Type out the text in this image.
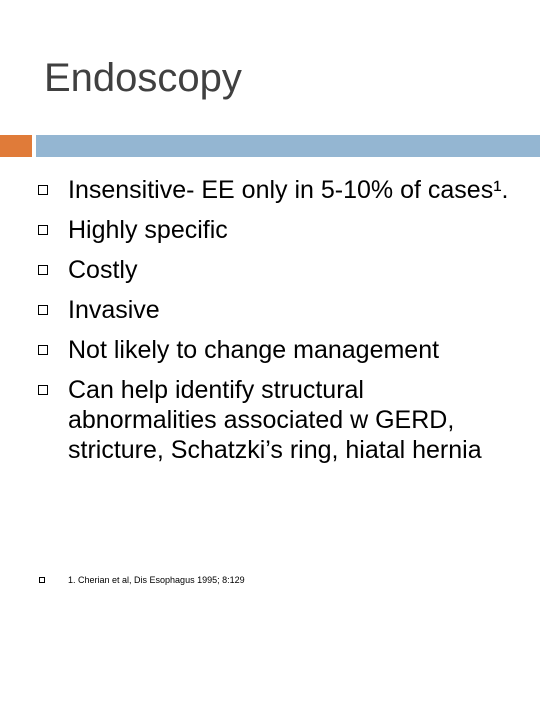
Endoscopy
Insensitive- EE only in 5-10% of cases¹.
Highly specific
Costly
Invasive
Not likely to change management
Can help identify structural abnormalities associated w GERD, stricture, Schatzki’s ring, hiatal hernia
1. Cherian et al, Dis Esophagus 1995; 8:129
